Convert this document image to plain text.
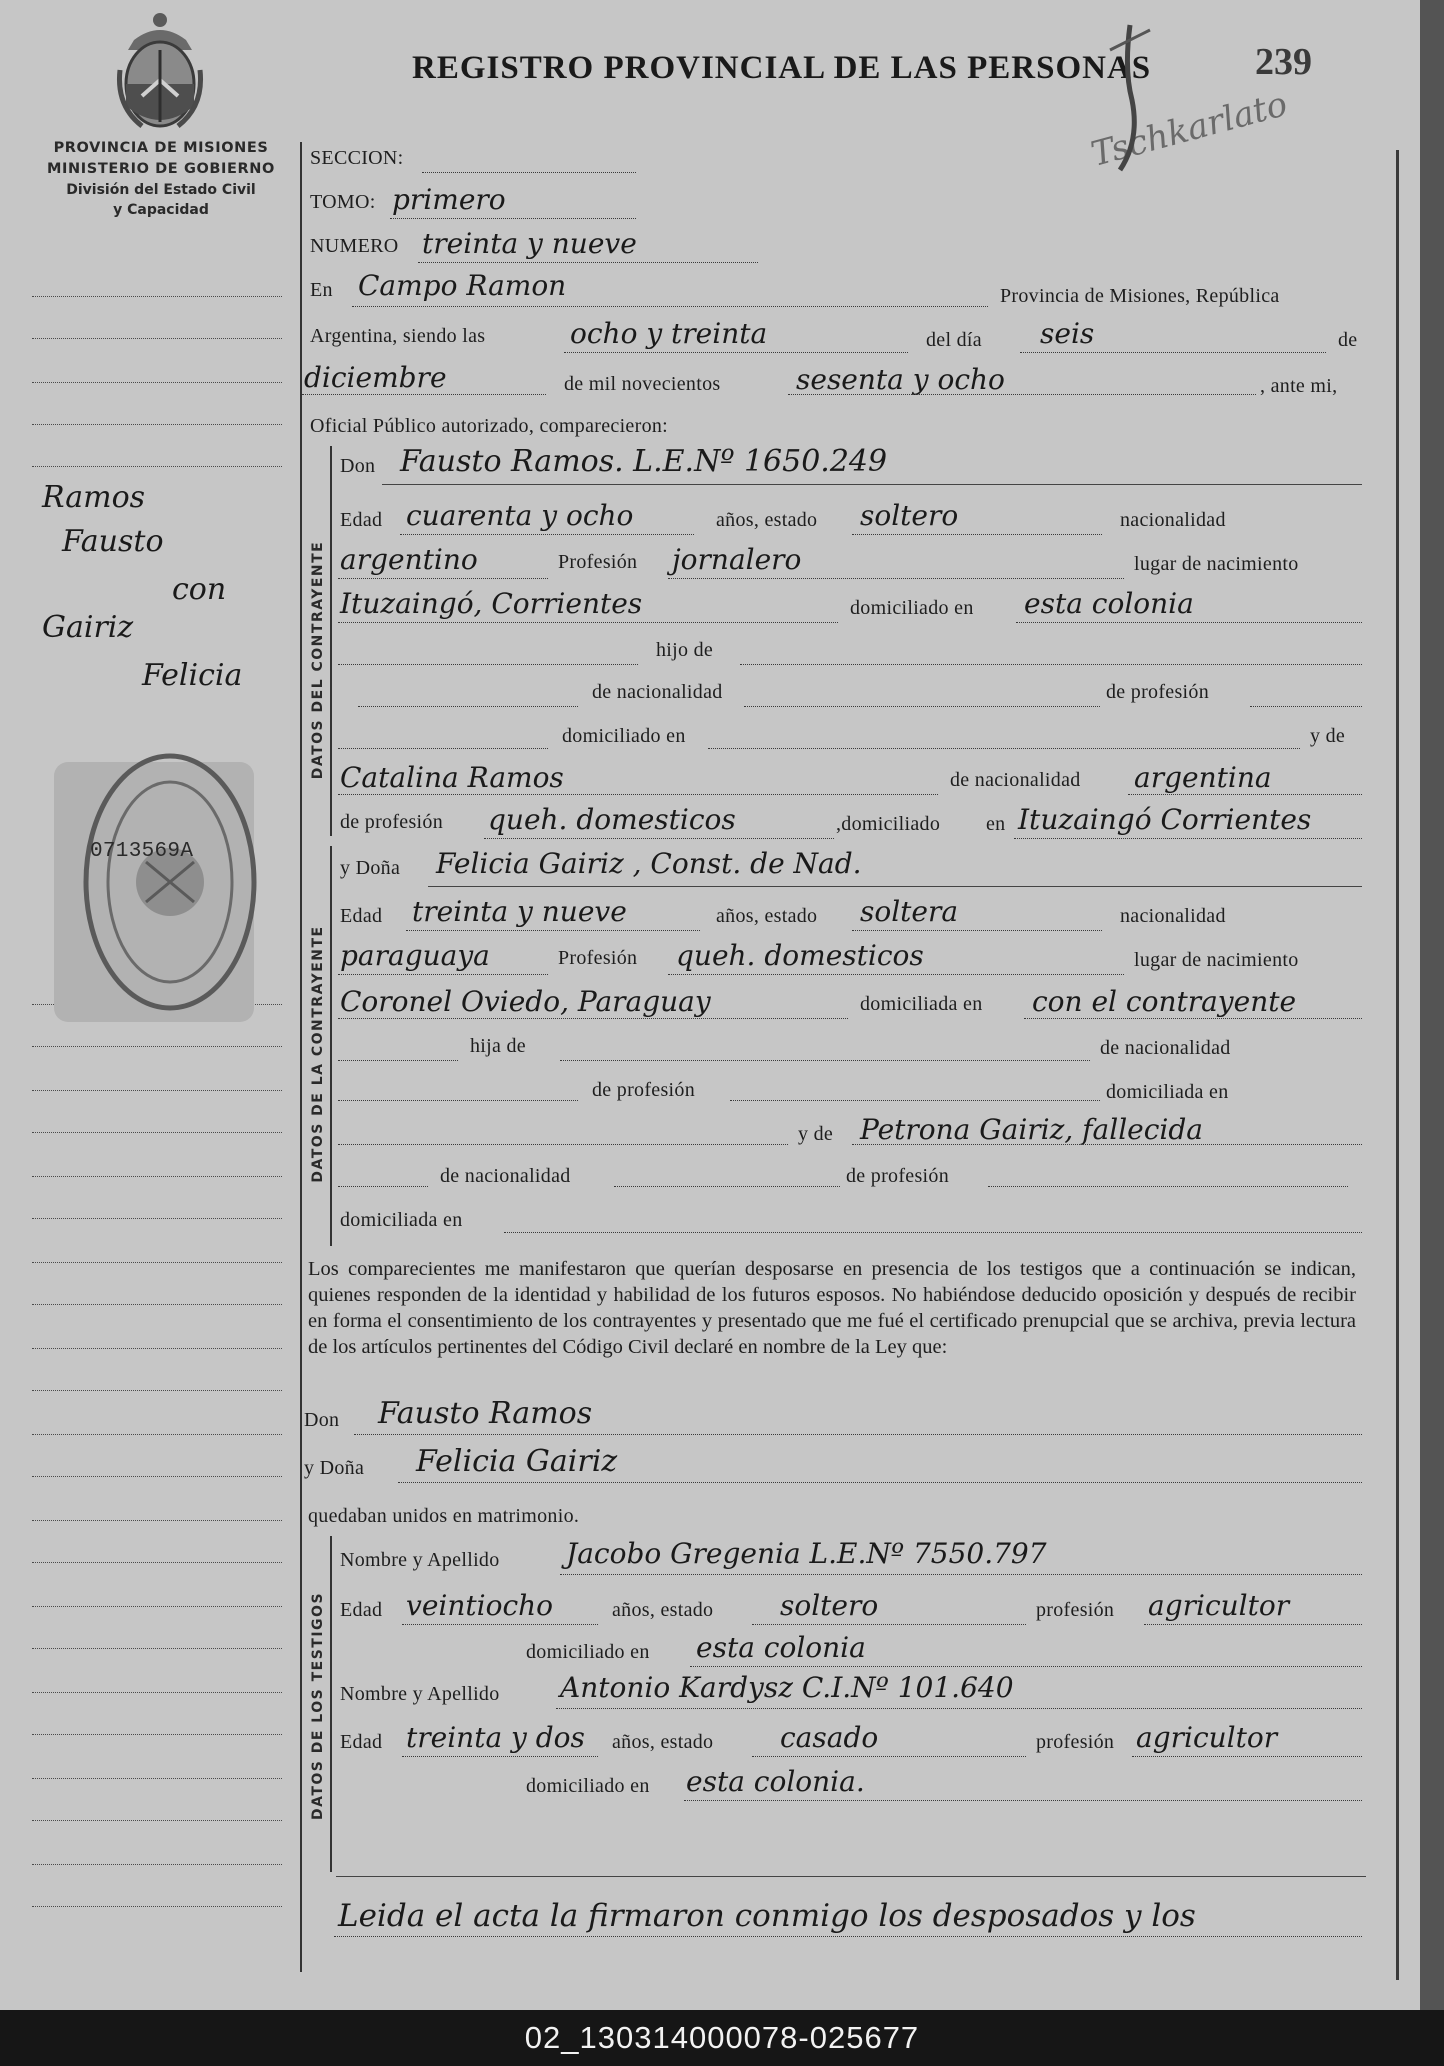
PROVINCIA DE MISIONES
MINISTERIO DE GOBIERNO
División del Estado Civil
y Capacidad
REGISTRO PROVINCIAL DE LAS PERSONAS	239
Tschkarlato
Ramos
Fausto
con
Gairiz
Felicia
0713569A
SECCION:
TOMO: primero
NUMERO treinta y nueve
En Campo Ramon	Provincia de Misiones, República
Argentina, siendo las	ocho y treinta	del día seis	de
diciembre	de mil novecientos	sesenta y ocho	, ante mi,
Oficial Público autorizado, comparecieron:
DATOS DEL CONTRAYENTE
Don Fausto Ramos. L.E.Nº 1650.249
Edad cuarenta y ocho	años, estado soltero	nacionalidad
argentino	Profesión jornalero	lugar de nacimiento
Ituzaingó, Corrientes	domiciliado en esta colonia
hijo de
de nacionalidad	de profesión
domiciliado en	y de
Catalina Ramos	de nacionalidad argentina
de profesión queh. domesticos	,domiciliado en Ituzaingó Corrientes
DATOS DE LA CONTRAYENTE
y Doña Felicia Gairiz , Const. de Nad.
Edad treinta y nueve	años, estado soltera	nacionalidad
paraguaya	Profesión queh. domesticos	lugar de nacimiento
Coronel Oviedo, Paraguay	domiciliada en con el contrayente
hija de	de nacionalidad
de profesión	domiciliada en
y de Petrona Gairiz, fallecida
de nacionalidad	de profesión
domiciliada en
Los comparecientes me manifestaron que querían desposarse en presencia de los testigos que a continuación se indican, quienes responden de la identidad y habilidad de los futuros esposos. No habiéndose deducido oposición y después de recibir en forma el consentimiento de los contrayentes y presentado que me fué el certificado prenupcial que se archiva, previa lectura de los artículos pertinentes del Código Civil declaré en nombre de la Ley que:
Don Fausto Ramos
y Doña Felicia Gairiz
quedaban unidos en matrimonio.
DATOS DE LOS TESTIGOS
Nombre y Apellido Jacobo Gregenia L.E.Nº 7550.797
Edad veintiocho	años, estado soltero	profesión agricultor
domiciliado en esta colonia
Nombre y Apellido Antonio Kardysz C.I.Nº 101.640
Edad treinta y dos años, estado casado	profesión agricultor
domiciliado en esta colonia.
Leida el acta la firmaron conmigo los desposados y los
02_130314000078-025677
